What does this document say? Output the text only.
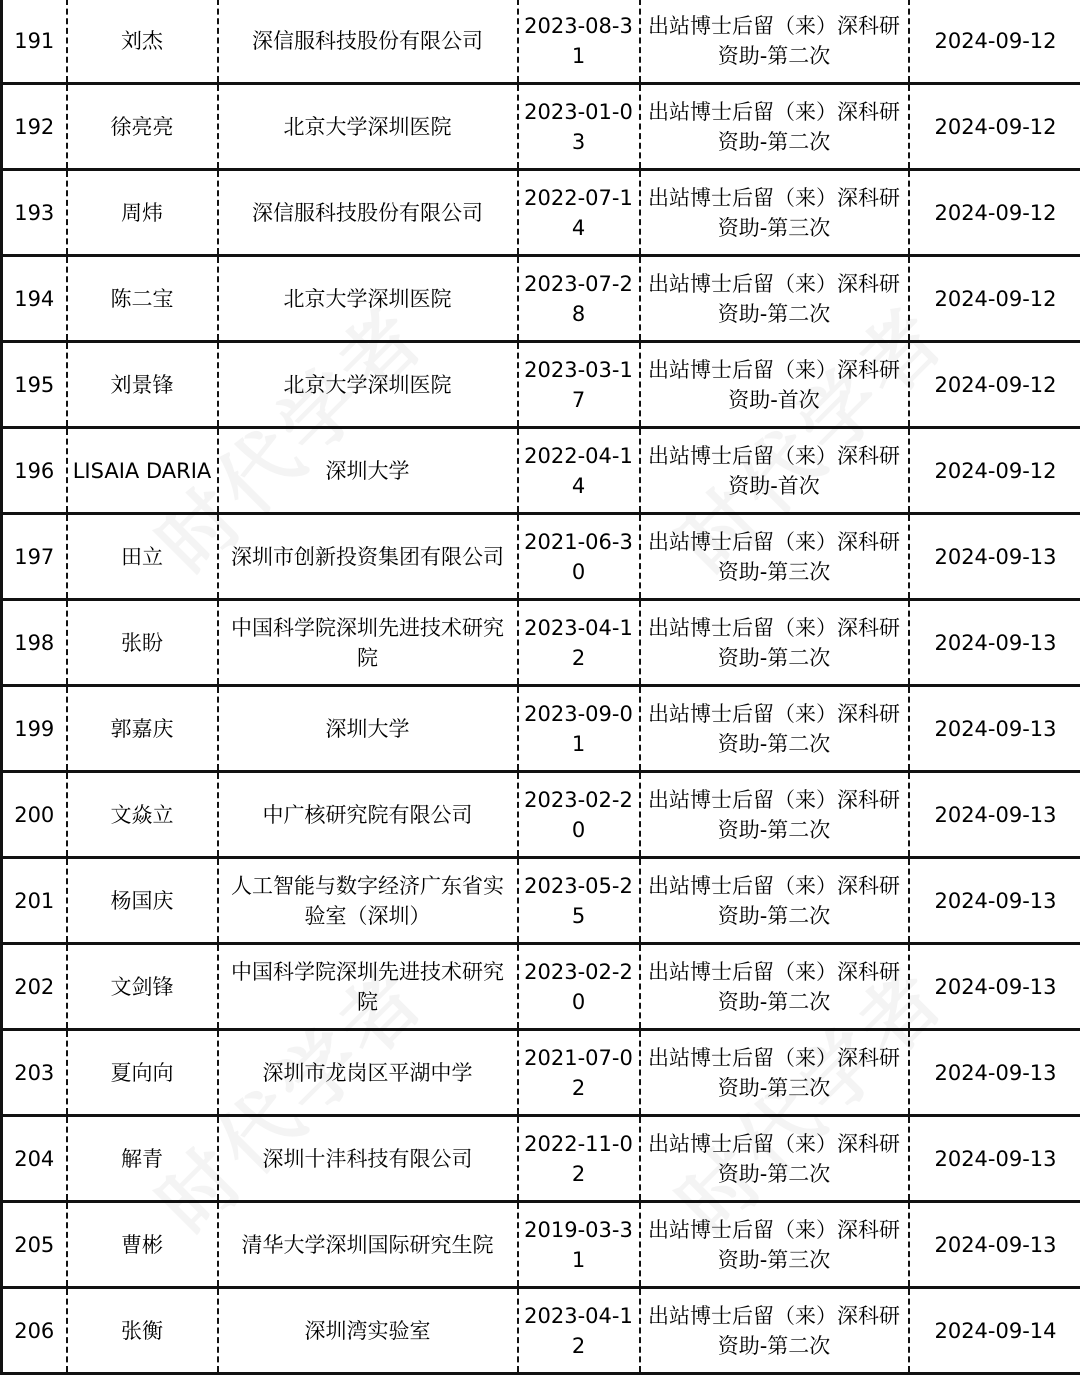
191	刘杰	深信服科技股份有限公司	2023-08-31	出站博士后留（来）深科研资助-第二次	2024-09-12
192	徐亮亮	北京大学深圳医院	2023-01-03	出站博士后留（来）深科研资助-第二次	2024-09-12
193	周炜	深信服科技股份有限公司	2022-07-14	出站博士后留（来）深科研资助-第三次	2024-09-12
194	陈二宝	北京大学深圳医院	2023-07-28	出站博士后留（来）深科研资助-第二次	2024-09-12
195	刘景锋	北京大学深圳医院	2023-03-17	出站博士后留（来）深科研资助-首次	2024-09-12
196	LISAIA DARIA	深圳大学	2022-04-14	出站博士后留（来）深科研资助-首次	2024-09-12
197	田立	深圳市创新投资集团有限公司	2021-06-30	出站博士后留（来）深科研资助-第三次	2024-09-13
198	张盼	中国科学院深圳先进技术研究院	2023-04-12	出站博士后留（来）深科研资助-第二次	2024-09-13
199	郭嘉庆	深圳大学	2023-09-01	出站博士后留（来）深科研资助-第二次	2024-09-13
200	文焱立	中广核研究院有限公司	2023-02-20	出站博士后留（来）深科研资助-第二次	2024-09-13
201	杨国庆	人工智能与数字经济广东省实验室（深圳）	2023-05-25	出站博士后留（来）深科研资助-第二次	2024-09-13
202	文剑锋	中国科学院深圳先进技术研究院	2023-02-20	出站博士后留（来）深科研资助-第二次	2024-09-13
203	夏向向	深圳市龙岗区平湖中学	2021-07-02	出站博士后留（来）深科研资助-第三次	2024-09-13
204	解青	深圳十沣科技有限公司	2022-11-02	出站博士后留（来）深科研资助-第二次	2024-09-13
205	曹彬	清华大学深圳国际研究生院	2019-03-31	出站博士后留（来）深科研资助-第三次	2024-09-13
206	张衡	深圳湾实验室	2023-04-12	出站博士后留（来）深科研资助-第二次	2024-09-14
